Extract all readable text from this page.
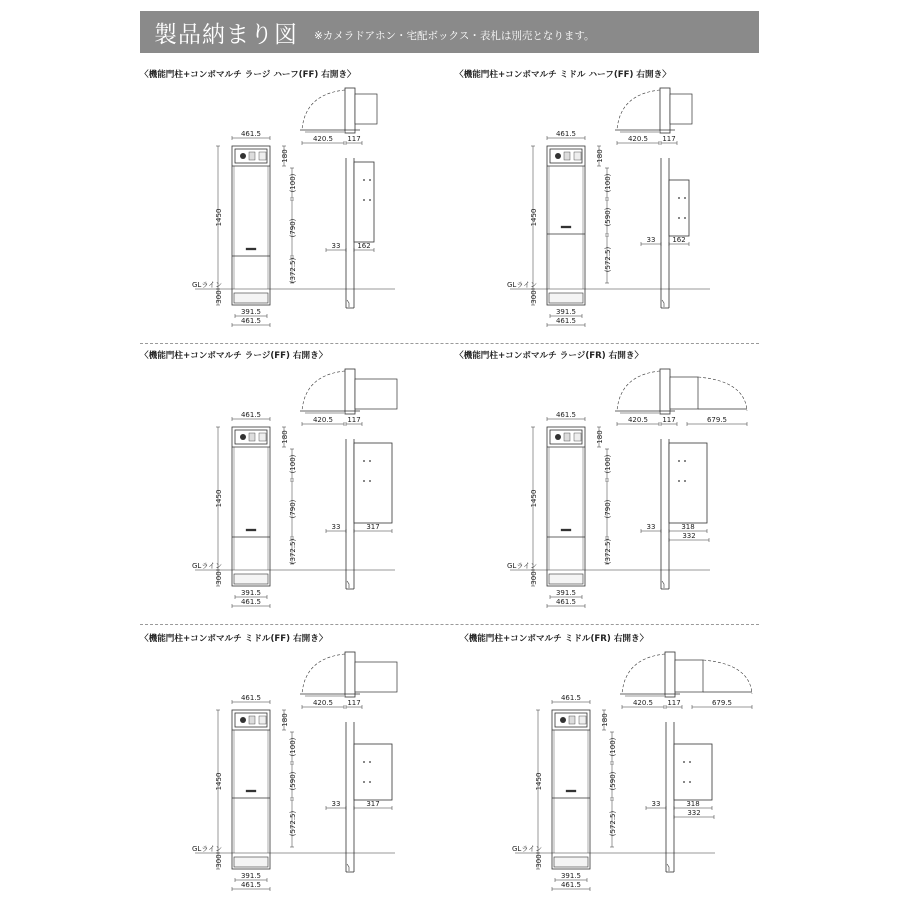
製品納まり図 ※カメラドアホン・宅配ボックス・表札は別売となります。
〈機能門柱+コンポマルチ ラージ ハーフ(FF) 右開き〉
461.5
1450
300
180
(100)
(790)
(372.5)
GLライン
391.5
461.5
420.5 117
33 162
〈機能門柱+コンポマルチ ミドル ハーフ(FF) 右開き〉
461.5
1450
300
180
(100)
(590)
(572.5)
GLライン
391.5
461.5
420.5 117
33 162
〈機能門柱+コンポマルチ ラージ(FF) 右開き〉
461.5
1450
300
180
(100)
(790)
(372.5)
GLライン
391.5
461.5
420.5 117
33	317
〈機能門柱+コンポマルチ ラージ(FR) 右開き〉
461.5
1450
300
180
(100)
(790)
(372.5)
GLライン
391.5
461.5
420.5 117	679.5
33	318
332
〈機能門柱+コンポマルチ ミドル(FF) 右開き〉
461.5
1450
300
180
(100)
(590)
(572.5)
GLライン
391.5
461.5
420.5 117
33	317
〈機能門柱+コンポマルチ ミドル(FR) 右開き〉
461.5
1450
300
180
(100)
(590)
(572.5)
GLライン
391.5
461.5
420.5 117	679.5
33	318
332
